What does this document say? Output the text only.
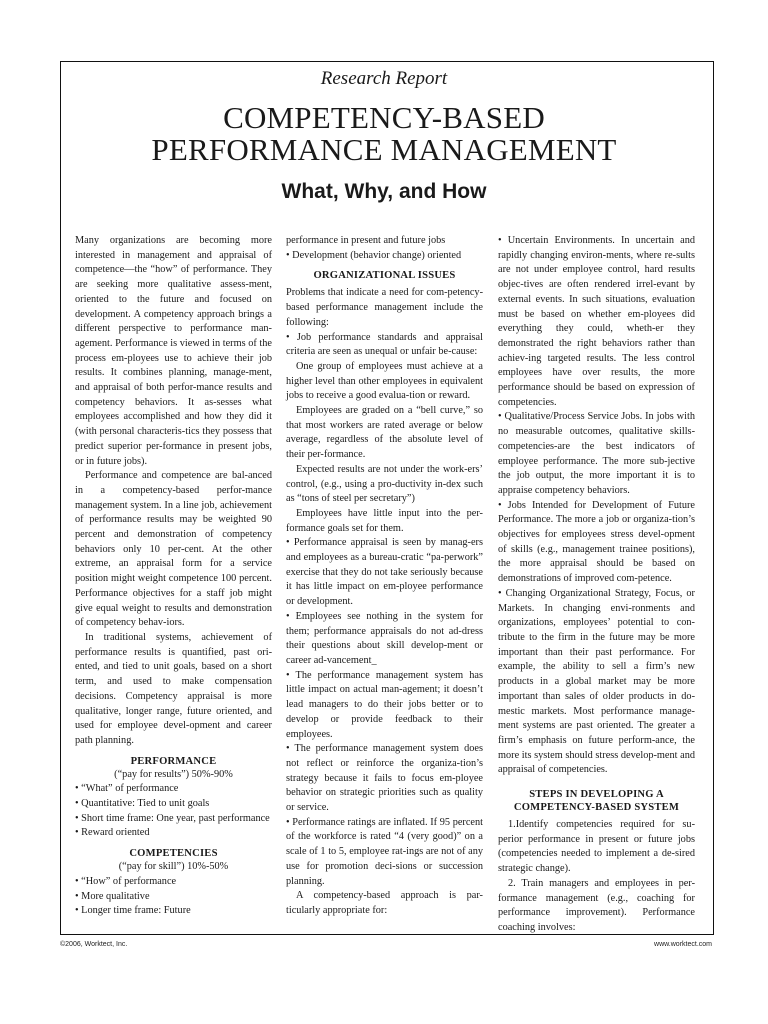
Research Report

COMPETENCY-BASED
PERFORMANCE MANAGEMENT
What, Why, and How

Many organizations are becoming more interested in management and appraisal of competence—the “how” of performance. They are seeking more qualitative assess-ment, oriented to the future and focused on development. A competency approach brings a different perspective to performance man-agement. Performance is viewed in terms of the process em-ployees use to achieve their job results. It combines planning, manage-ment, and appraisal of both perfor-mance results and competency behaviors. It as-sesses what employees accomplished and how they did it (with personal characteris-tics they possess that predict superior per-formance in present jobs, or in future jobs).

Performance and competence are bal-anced in a competency-based perfor-mance management system. In a line job, achievement of performance results may be weighted 90 percent and demonstration of competency behaviors only 10 per-cent. At the other extreme, an appraisal form for a service position might weight competence 100 percent. Performance objectives for a staff job might give equal weight to results and demonstration of competency behav-iors.

In traditional systems, achievement of performance results is quantified, past ori-ented, and tied to unit goals, based on a short term, and used to make compensation decisions. Competency appraisal is more qualitative, longer range, future oriented, and used for employee devel-opment and career path planning.

PERFORMANCE

(“pay for results”) 50%-90%

• “What” of performance
• Quantitative: Tied to unit goals
• Short time frame: One year, past performance
• Reward oriented
COMPETENCIES

(“pay for skill”) 10%-50%

• “How” of performance
• More qualitative
• Longer time frame: Future

performance in present and future jobs

• Development (behavior change) oriented

ORGANIZATIONAL ISSUES

Problems that indicate a need for com-petency-based performance management include the following:

• Job performance standards and appraisal criteria are seen as unequal or unfair be-cause:

One group of employees must achieve at a higher level than other employees in equivalent jobs to receive a good evalua-tion or reward.

Employees are graded on a “bell curve,” so that most workers are rated average or below average, regardless of the absolute level of their per-formance.

Expected results are not under the work-ers’ control, (e.g., using a pro-ductivity in-dex such as “tons of steel per secretary”)

Employees have little input into the per-formance goals set for them.

• Performance appraisal is seen by manag-ers and employees as a bureau-cratic “pa-perwork” exercise that they do not take seriously because it has little impact on em-ployee performance or development.

• Employees see nothing in the system for them; performance appraisals do not ad-dress their questions about skill develop-ment or career ad-vancement_

• The performance management system has little impact on actual man-agement; it doesn’t lead managers to do their jobs better or to develop or provide feedback to their employees.

• The performance management system does not reflect or reinforce the organiza-tion’s strategy because it fails to focus em-ployee behavior on strategic priorities such as quality or service.

• Performance ratings are inflated. If 95 percent of the workforce is rated “4 (very good)” on a scale of 1 to 5, employee rat-ings are not of any use for promotion deci-sions or succession planning.

A competency-based approach is par-ticularly appropriate for:

• Uncertain Environments. In uncertain and rapidly changing environ-ments, where re-sults are not under employee control, hard results objec-tives are often rendered irrel-evant by external events. In such situations, evaluation must be based on whether em-ployees did everything they could, wheth-er they demonstrated the right behaviors rather than achiev-ing targeted results. The less control employees have over results, the more performance should be based on expression of competencies.

• Qualitative/Process Service Jobs. In jobs with no measurable outcomes, qualitative skills-competencies-are the best indicators of employee performance. The more sub-jective the job output, the more important it is to appraise competency behaviors.

• Jobs Intended for Development of Future Performance. The more a job or organiza-tion’s objectives for employees stress devel-opment of skills (e.g., management trainee positions), the more appraisal should be based on demonstrations of improved com-petence.

• Changing Organizational Strategy, Focus, or Markets. In changing envi-ronments and organizations, employees’ potential to con-tribute to the firm in the future may be more important than their past performance. For example, the ability to sell a firm’s new products in a global market may be more important than sales of older products in do-mestic markets. Most performance manage-ment systems are past oriented. The greater a firm’s emphasis on future perform-ance, the more its system should stress develop-ment and appraisal of competencies.

STEPS IN DEVELOPING A
COMPETENCY-BASED SYSTEM

1.Identify competencies required for su-perior performance in present or future jobs (competencies needed to implement a de-sired strategic change).

2. Train managers and employees in per-formance management (e.g., coaching for performance improvement). Performance coaching involves:

©2006, Worktect, Inc.	www.worktect.com
